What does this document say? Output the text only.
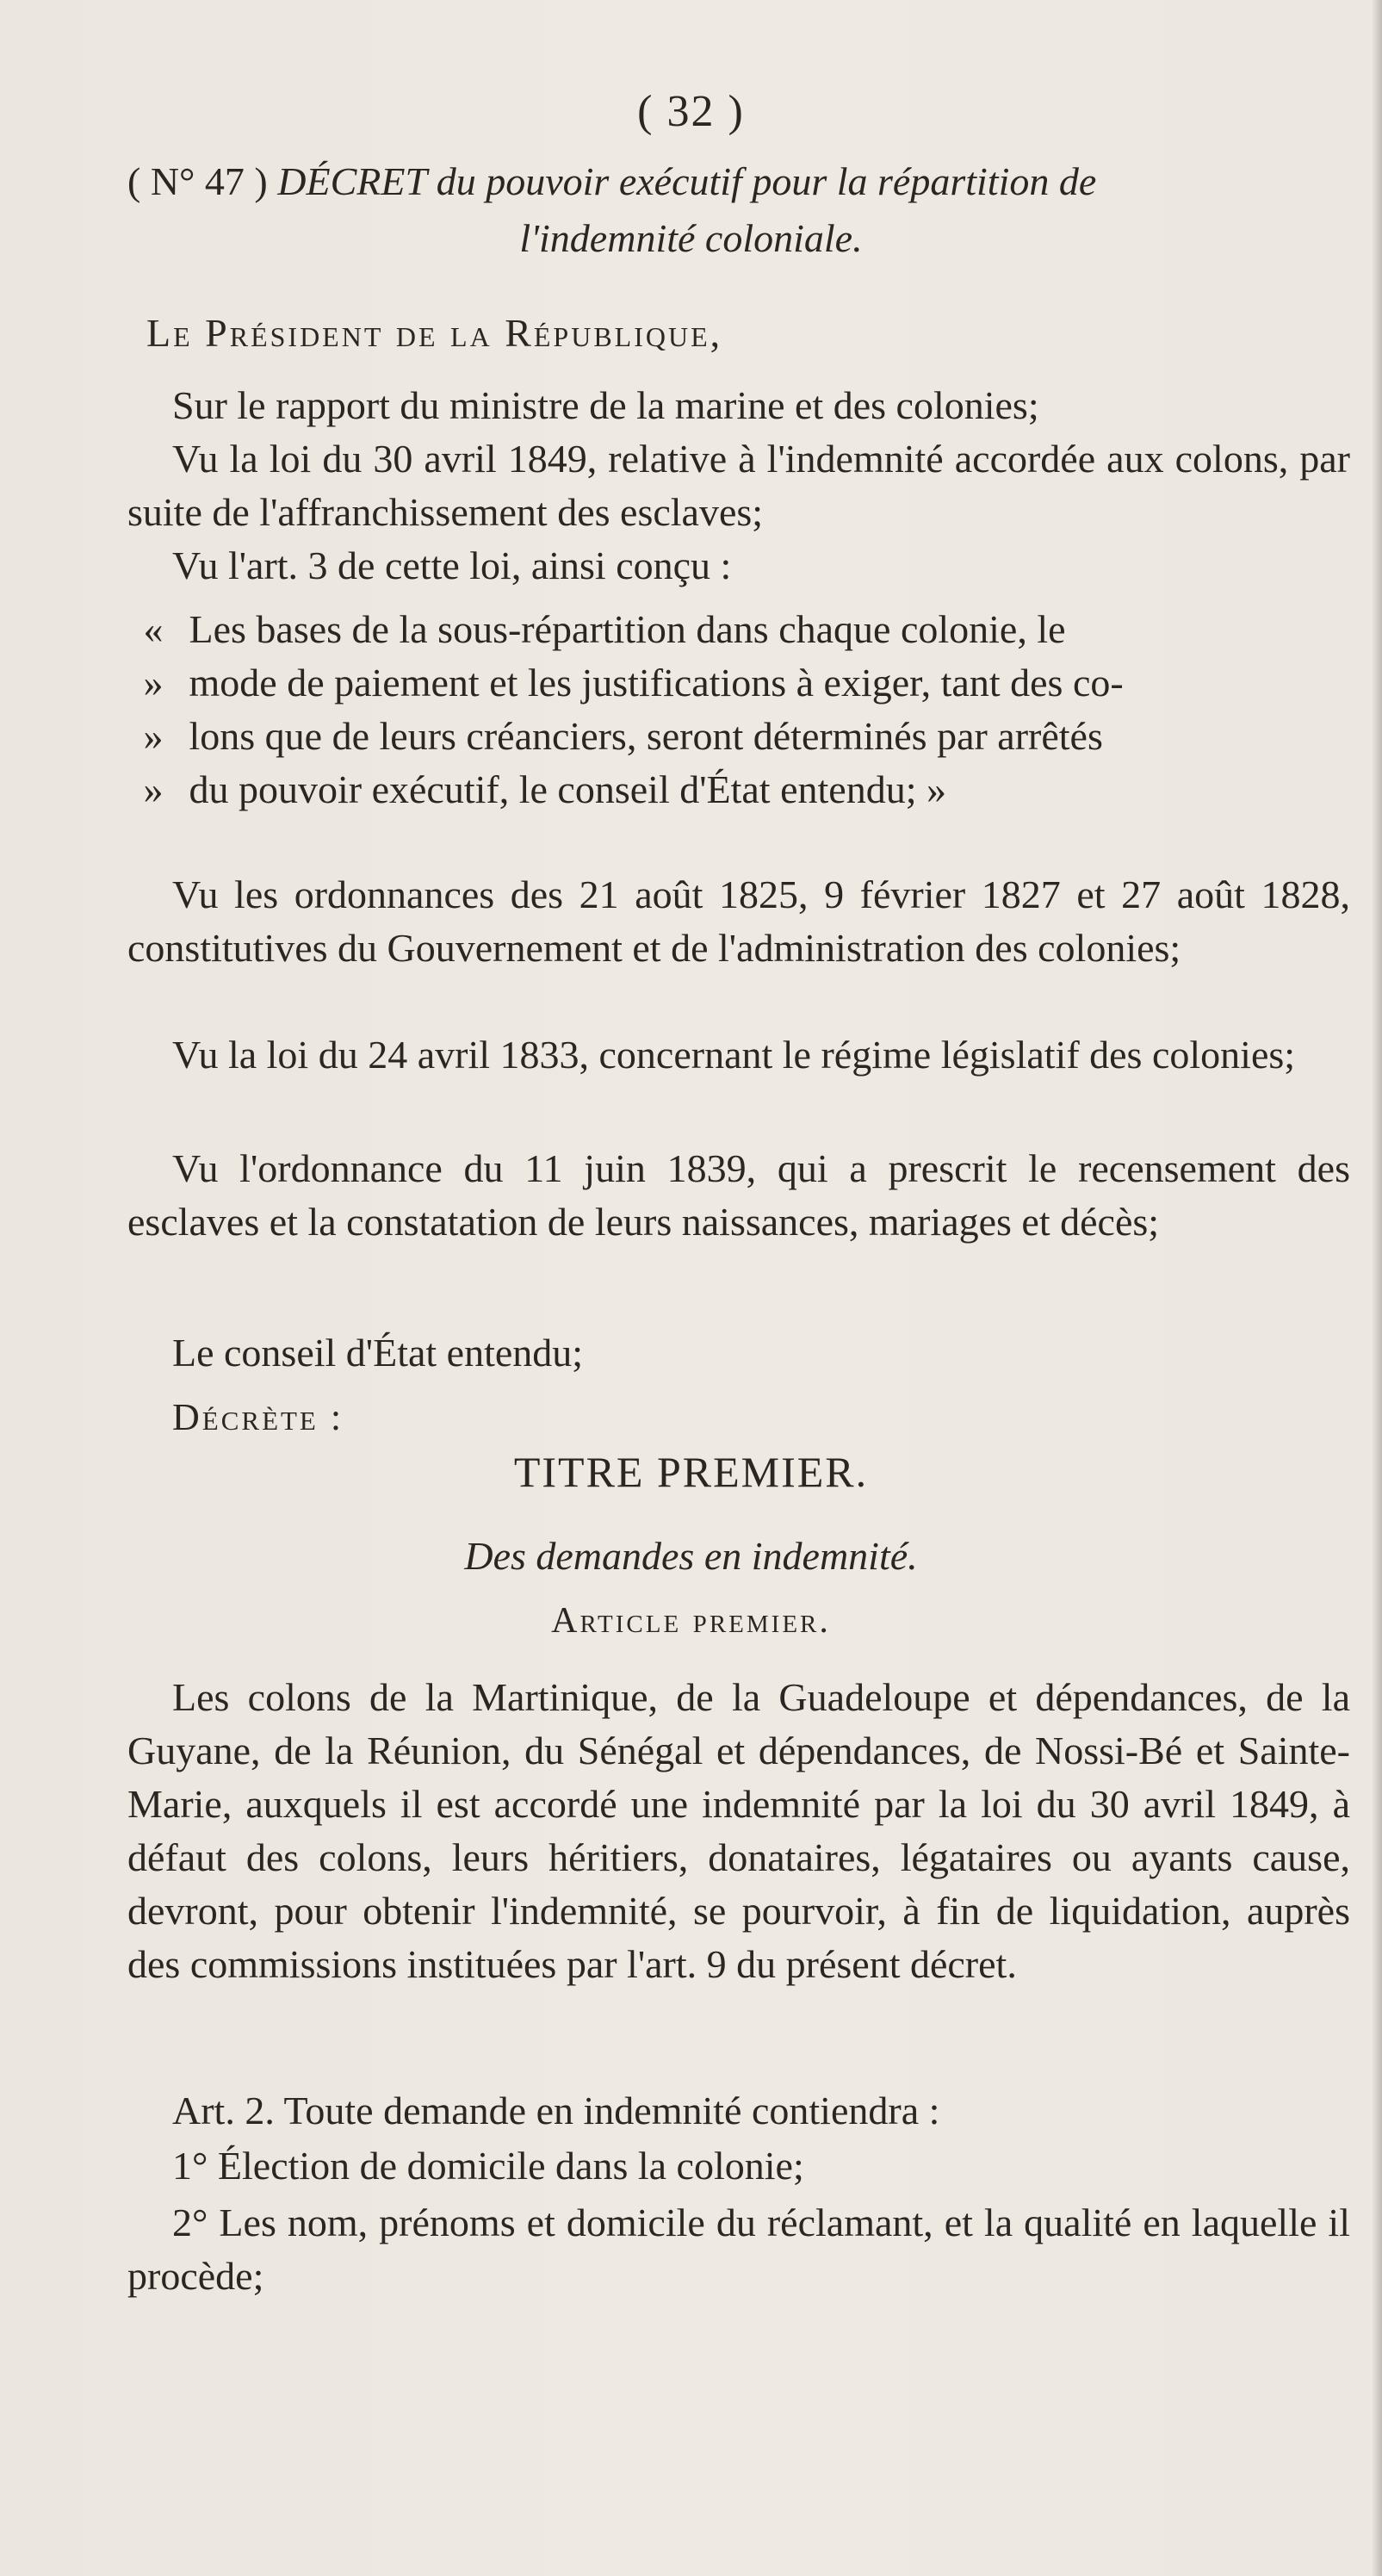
( 32 )
( N° 47 ) DÉCRET du pouvoir exécutif pour la répartition de
l'indemnité coloniale.
Le Président de la République,
Sur le rapport du ministre de la marine et des colonies;
Vu la loi du 30 avril 1849, relative à l'indemnité accordée aux colons, par suite de l'affranchissement des esclaves;
Vu l'art. 3 de cette loi, ainsi conçu :
« Les bases de la sous-répartition dans chaque colonie, le
» mode de paiement et les justifications à exiger, tant des co-
» lons que de leurs créanciers, seront déterminés par arrêtés
» du pouvoir exécutif, le conseil d'État entendu; »
Vu les ordonnances des 21 août 1825, 9 février 1827 et 27 août 1828, constitutives du Gouvernement et de l'administration des colonies;
Vu la loi du 24 avril 1833, concernant le régime législatif des colonies;
Vu l'ordonnance du 11 juin 1839, qui a prescrit le recensement des esclaves et la constatation de leurs naissances, mariages et décès;
Le conseil d'État entendu;
Décrète :
TITRE PREMIER.
Des demandes en indemnité.
Article premier.
Les colons de la Martinique, de la Guadeloupe et dépendances, de la Guyane, de la Réunion, du Sénégal et dépendances, de Nossi-Bé et Sainte-Marie, auxquels il est accordé une indemnité par la loi du 30 avril 1849, à défaut des colons, leurs héritiers, donataires, légataires ou ayants cause, devront, pour obtenir l'indemnité, se pourvoir, à fin de liquidation, auprès des commissions instituées par l'art. 9 du présent décret.
Art. 2. Toute demande en indemnité contiendra :
1° Élection de domicile dans la colonie;
2° Les nom, prénoms et domicile du réclamant, et la qualité en laquelle il procède;
